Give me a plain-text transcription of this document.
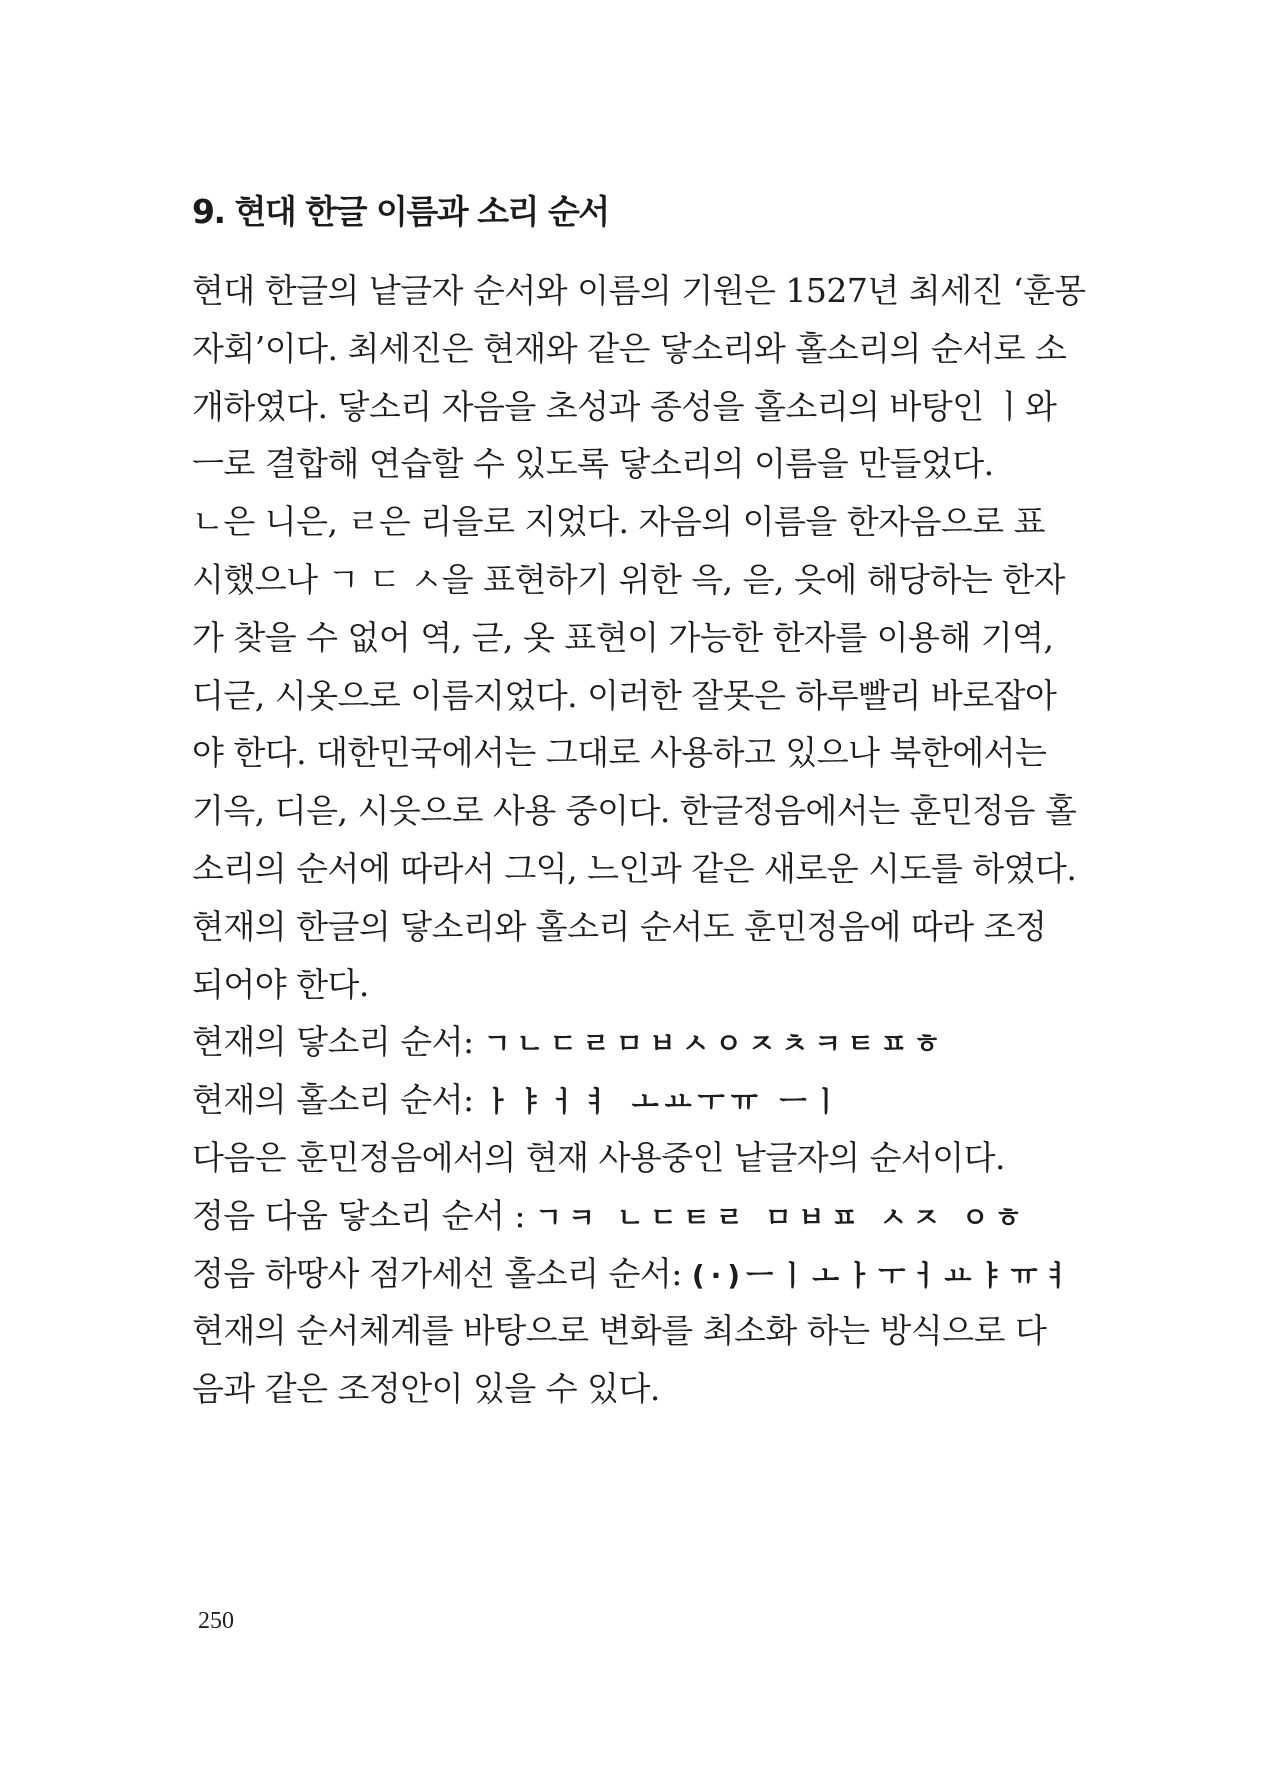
9. 현대 한글 이름과 소리 순서
현대 한글의 낱글자 순서와 이름의 기원은 1527년 최세진 ‘훈몽
자회’이다. 최세진은 현재와 같은 닿소리와 홀소리의 순서로 소
개하였다. 닿소리 자음을 초성과 종성을 홀소리의 바탕인 ㅣ와
ㅡ로 결합해 연습할 수 있도록 닿소리의 이름을 만들었다.
ㄴ은 니은, ㄹ은 리을로 지었다. 자음의 이름을 한자음으로 표
시했으나 ㄱ ㄷ ㅅ을 표현하기 위한 윽, 읃, 읏에 해당하는 한자
가 찾을 수 없어 역, 귿, 옷 표현이 가능한 한자를 이용해 기역,
디귿, 시옷으로 이름지었다. 이러한 잘못은 하루빨리 바로잡아
야 한다. 대한민국에서는 그대로 사용하고 있으나 북한에서는
기윽, 디읃, 시읏으로 사용 중이다. 한글정음에서는 훈민정음 홀
소리의 순서에 따라서 그익, 느인과 같은 새로운 시도를 하였다.
현재의 한글의 닿소리와 홀소리 순서도 훈민정음에 따라 조정
되어야 한다.
현재의 닿소리 순서: ㄱㄴㄷㄹㅁㅂㅅㅇㅈㅊㅋㅌㅍㅎ
현재의 홀소리 순서: ㅏㅑㅓㅕ ㅗㅛㅜㅠ ㅡㅣ
다음은 훈민정음에서의 현재 사용중인 낱글자의 순서이다.
정음 다움 닿소리 순서 : ㄱㅋ ㄴㄷㅌㄹ ㅁㅂㅍ ㅅㅈ ㅇㅎ
정음 하땅사 점가세선 홀소리 순서: (·)ㅡㅣㅗㅏㅜㅓㅛㅑㅠㅕ
현재의 순서체계를 바탕으로 변화를 최소화 하는 방식으로 다
음과 같은 조정안이 있을 수 있다.
250
